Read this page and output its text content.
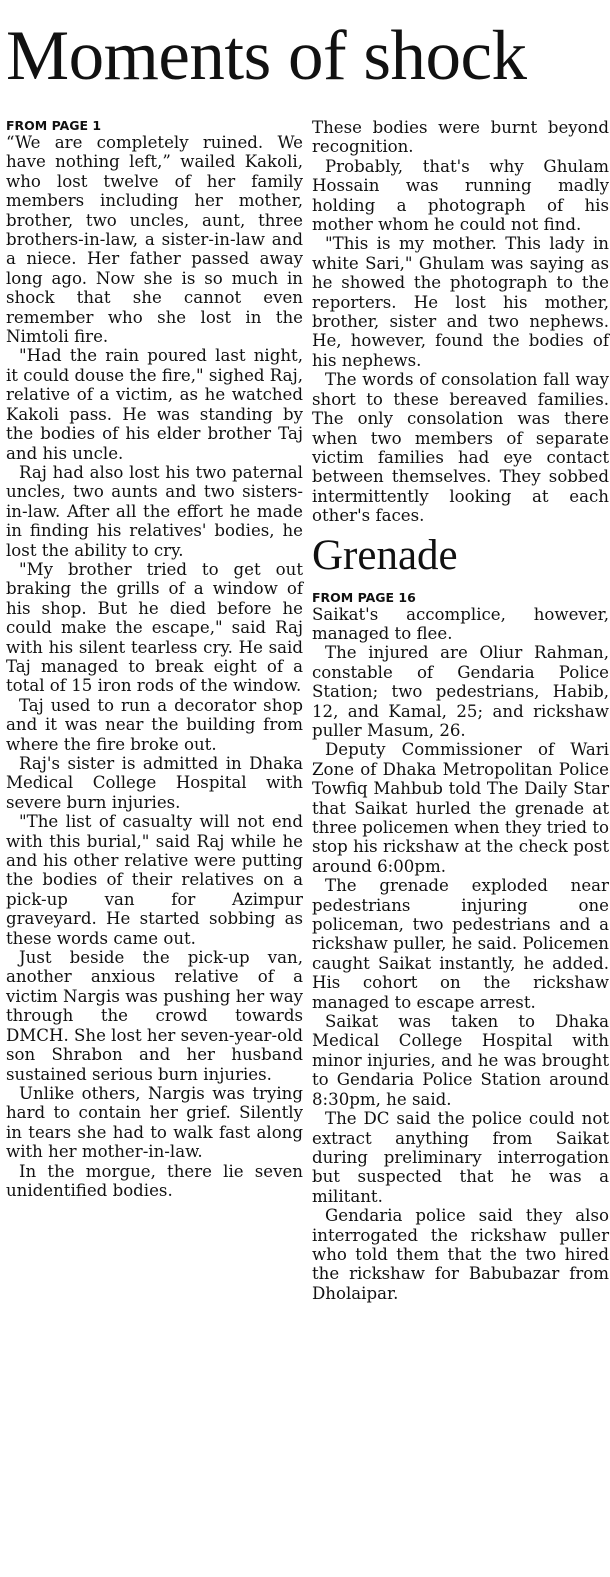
Moments of shock

FROM PAGE 1

“We are completely ruined. We have nothing left,” wailed Kakoli, who lost twelve of her family members including her mother, brother, two uncles, aunt, three brothers-in-law, a sister-in-law and a niece. Her father passed away long ago. Now she is so much in shock that she cannot even remember who she lost in the Nimtoli fire.

"Had the rain poured last night, it could douse the fire," sighed Raj, relative of a victim, as he watched Kakoli pass. He was standing by the bodies of his elder brother Taj and his uncle.

Raj had also lost his two paternal uncles, two aunts and two sisters-in-law. After all the effort he made in finding his relatives' bodies, he lost the ability to cry.

"My brother tried to get out braking the grills of a window of his shop. But he died before he could make the escape," said Raj with his silent tearless cry. He said Taj managed to break eight of a total of 15 iron rods of the window.

Taj used to run a decorator shop and it was near the building from where the fire broke out.

Raj's sister is admitted in Dhaka Medical College Hospital with severe burn injuries.

"The list of casualty will not end with this burial," said Raj while he and his other relative were putting the bodies of their relatives on a pick-up van for Azimpur graveyard. He started sobbing as these words came out.

Just beside the pick-up van, another anxious relative of a victim Nargis was pushing her way through the crowd towards DMCH. She lost her seven-year-old son Shrabon and her husband sustained serious burn injuries.

Unlike others, Nargis was trying hard to contain her grief. Silently in tears she had to walk fast along with her mother-in-law.

In the morgue, there lie seven unidentified bodies.

These bodies were burnt beyond recognition.

Probably, that's why Ghulam Hossain was running madly holding a photograph of his mother whom he could not find.

"This is my mother. This lady in white Sari," Ghulam was saying as he showed the photograph to the reporters. He lost his mother, brother, sister and two nephews. He, however, found the bodies of his nephews.

The words of consolation fall way short to these bereaved families. The only consolation was there when two members of separate victim families had eye contact between themselves. They sobbed intermittently looking at each other's faces.

Grenade

FROM PAGE 16

Saikat's accomplice, however, managed to flee.

The injured are Oliur Rahman, constable of Gendaria Police Station; two pedestrians, Habib, 12, and Kamal, 25; and rickshaw puller Masum, 26.

Deputy Commissioner of Wari Zone of Dhaka Metropolitan Police Towfiq Mahbub told The Daily Star that Saikat hurled the grenade at three policemen when they tried to stop his rickshaw at the check post around 6:00pm.

The grenade exploded near pedestrians injuring one policeman, two pedestrians and a rickshaw puller, he said. Policemen caught Saikat instantly, he added. His cohort on the rickshaw managed to escape arrest.

Saikat was taken to Dhaka Medical College Hospital with minor injuries, and he was brought to Gendaria Police Station around 8:30pm, he said.

The DC said the police could not extract anything from Saikat during preliminary interrogation but suspected that he was a militant.

Gendaria police said they also interrogated the rickshaw puller who told them that the two hired the rickshaw for Babubazar from Dholaipar.
